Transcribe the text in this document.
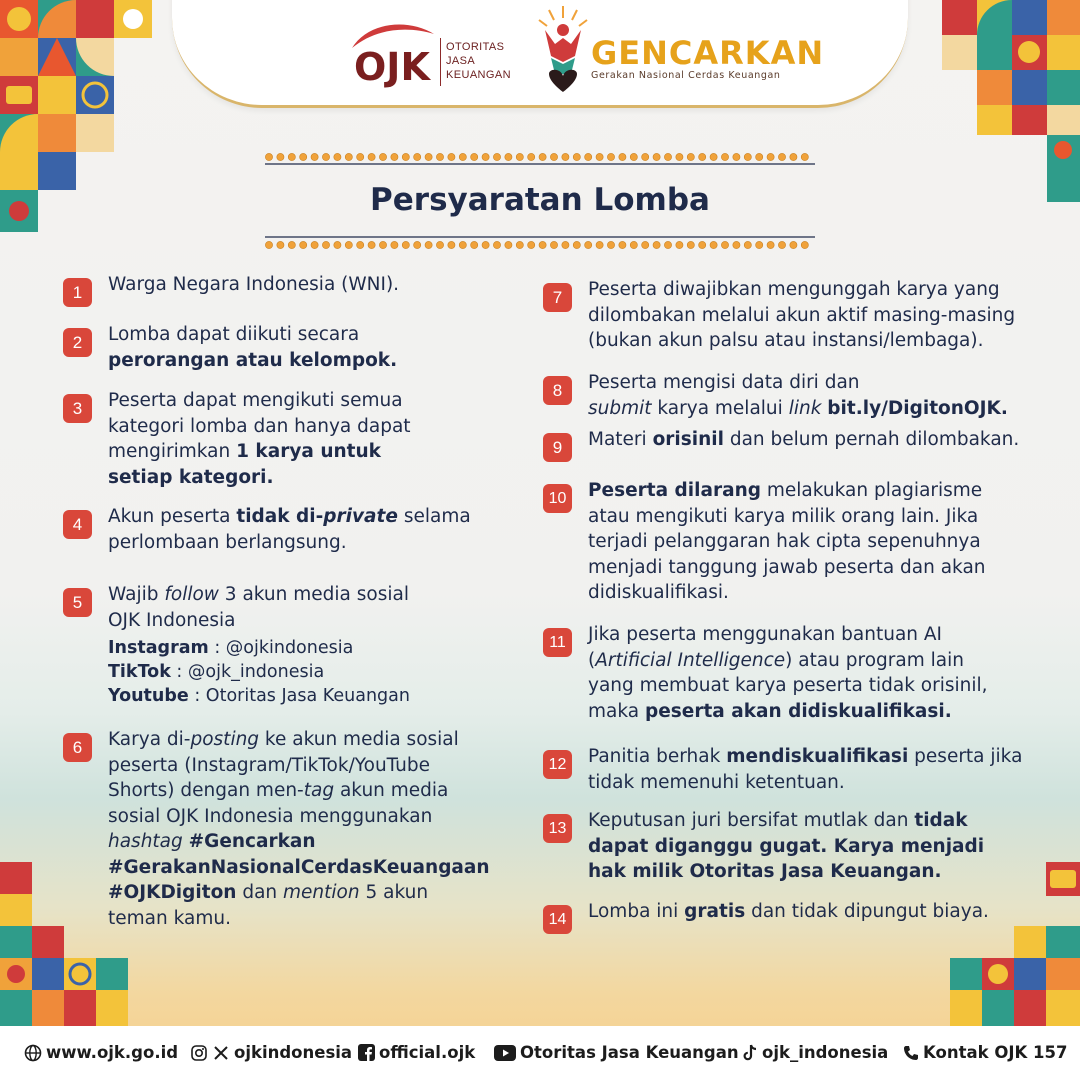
OJK OTORITAS
JASA
KEUANGAN
GENCARKAN
Gerakan Nasional Cerdas Keuangan
Persyaratan Lomba
1	Warga Negara Indonesia (WNI).
2	Lomba dapat diikuti secara
perorangan atau kelompok.
3	Peserta dapat mengikuti semua
kategori lomba dan hanya dapat
mengirimkan 1 karya untuk
setiap kategori.
4	Akun peserta tidak di-private selama
perlombaan berlangsung.
5	Wajib follow 3 akun media sosial
OJK Indonesia
Instagram : @ojkindonesia
TikTok : @ojk_indonesia
Youtube : Otoritas Jasa Keuangan
6	Karya di-posting ke akun media sosial
peserta (Instagram/TikTok/YouTube
Shorts) dengan men-tag akun media
sosial OJK Indonesia menggunakan
hashtag #Gencarkan
#GerakanNasionalCerdasKeuangaan
#OJKDigiton dan mention 5 akun
teman kamu.
7	Peserta diwajibkan mengunggah karya yang
dilombakan melalui akun aktif masing-masing
(bukan akun palsu atau instansi/lembaga).
8	Peserta mengisi data diri dan
submit karya melalui link bit.ly/DigitonOJK.
9	Materi orisinil dan belum pernah dilombakan.
10	Peserta dilarang melakukan plagiarisme
atau mengikuti karya milik orang lain. Jika
terjadi pelanggaran hak cipta sepenuhnya
menjadi tanggung jawab peserta dan akan
didiskualifikasi.
11	Jika peserta menggunakan bantuan AI
(Artificial Intelligence) atau program lain
yang membuat karya peserta tidak orisinil,
maka peserta akan didiskualifikasi.
12	Panitia berhak mendiskualifikasi peserta jika
tidak memenuhi ketentuan.
13	Keputusan juri bersifat mutlak dan tidak
dapat diganggu gugat. Karya menjadi
hak milik Otoritas Jasa Keuangan.
14	Lomba ini gratis dan tidak dipungut biaya.
www.ojk.go.id	ojkindonesia official.ojk	Otoritas Jasa Keuangan ojk_indonesia Kontak OJK 157
